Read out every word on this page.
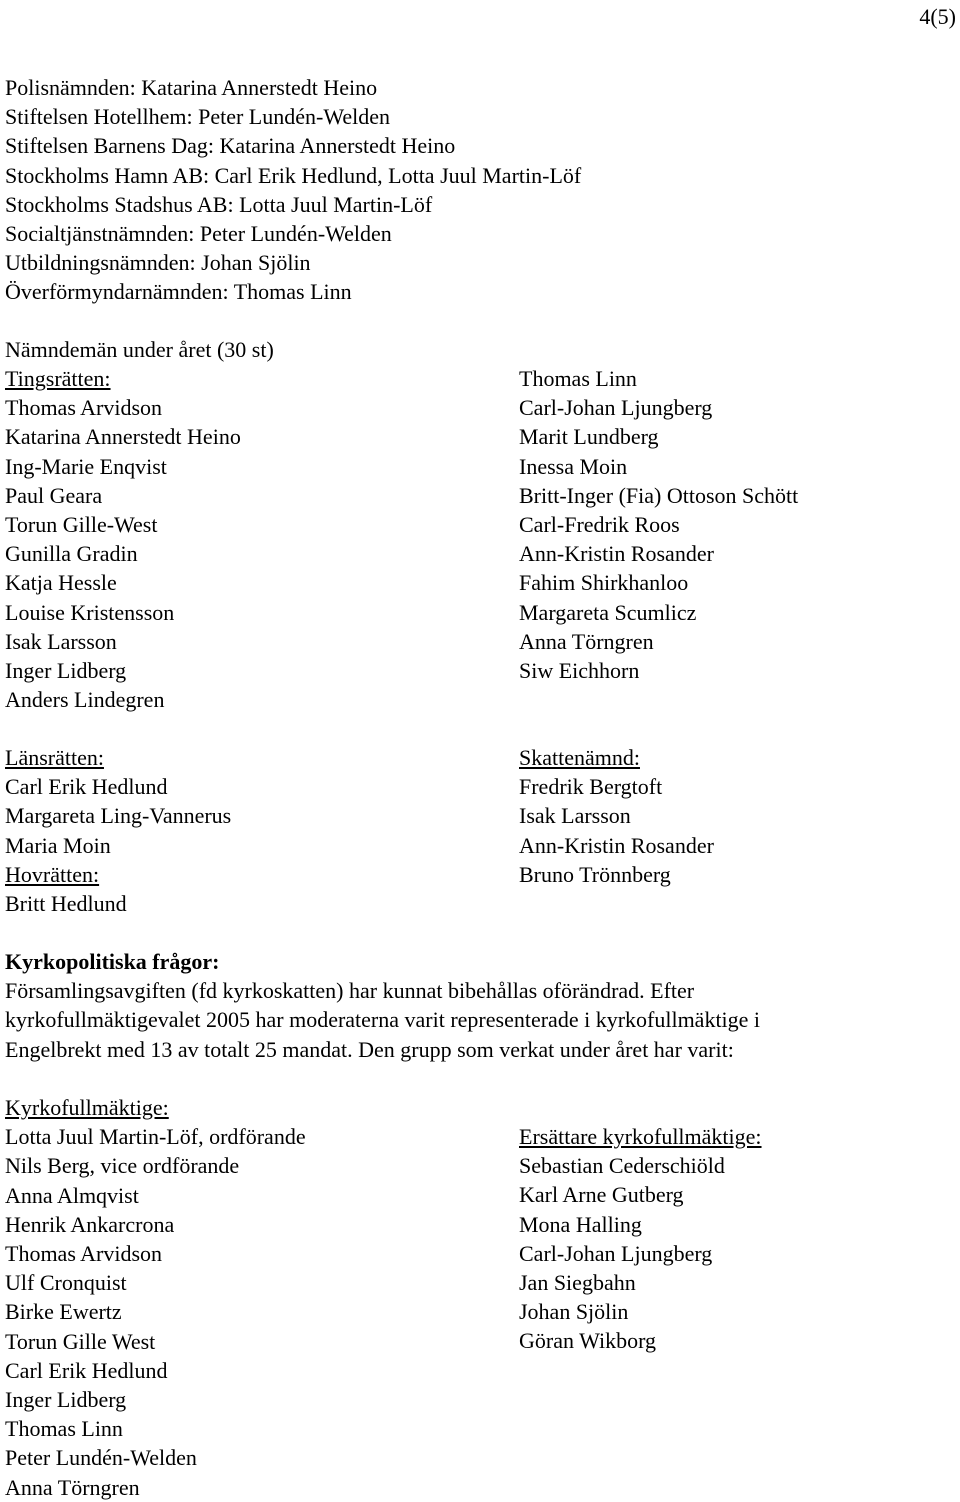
4(5)
Polisnämnden: Katarina Annerstedt Heino
Stiftelsen Hotellhem: Peter Lundén-Welden
Stiftelsen Barnens Dag: Katarina Annerstedt Heino
Stockholms Hamn AB: Carl Erik Hedlund, Lotta Juul Martin-Löf
Stockholms Stadshus AB: Lotta Juul Martin-Löf
Socialtjänstnämnden: Peter Lundén-Welden
Utbildningsnämnden: Johan Sjölin
Överförmyndarnämnden: Thomas Linn
Nämndemän under året (30 st)
Tingsrätten:
Thomas Arvidson
Katarina Annerstedt Heino
Ing-Marie Enqvist
Paul Geara
Torun Gille-West
Gunilla Gradin
Katja Hessle
Louise Kristensson
Isak Larsson
Inger Lidberg
Anders Lindegren
Thomas Linn
Carl-Johan Ljungberg
Marit Lundberg
Inessa Moin
Britt-Inger (Fia) Ottoson Schött
Carl-Fredrik Roos
Ann-Kristin Rosander
Fahim Shirkhanloo
Margareta Scumlicz
Anna Törngren
Siw Eichhorn
Länsrätten:
Carl Erik Hedlund
Margareta Ling-Vannerus
Maria Moin
Hovrätten:
Britt Hedlund
Skattenämnd:
Fredrik Bergtoft
Isak Larsson
Ann-Kristin Rosander
Bruno Trönnberg
Kyrkopolitiska frågor:
Församlingsavgiften (fd kyrkoskatten) har kunnat bibehållas oförändrad. Efter
kyrkofullmäktigevalet 2005 har moderaterna varit representerade i kyrkofullmäktige i
Engelbrekt med 13 av totalt 25 mandat. Den grupp som verkat under året har varit:
Kyrkofullmäktige:
Lotta Juul Martin-Löf, ordförande
Nils Berg, vice ordförande
Anna Almqvist
Henrik Ankarcrona
Thomas Arvidson
Ulf Cronquist
Birke Ewertz
Torun Gille West
Carl Erik Hedlund
Inger Lidberg
Thomas Linn
Peter Lundén-Welden
Anna Törngren
Ersättare kyrkofullmäktige:
Sebastian Cederschiöld
Karl Arne Gutberg
Mona Halling
Carl-Johan Ljungberg
Jan Siegbahn
Johan Sjölin
Göran Wikborg
